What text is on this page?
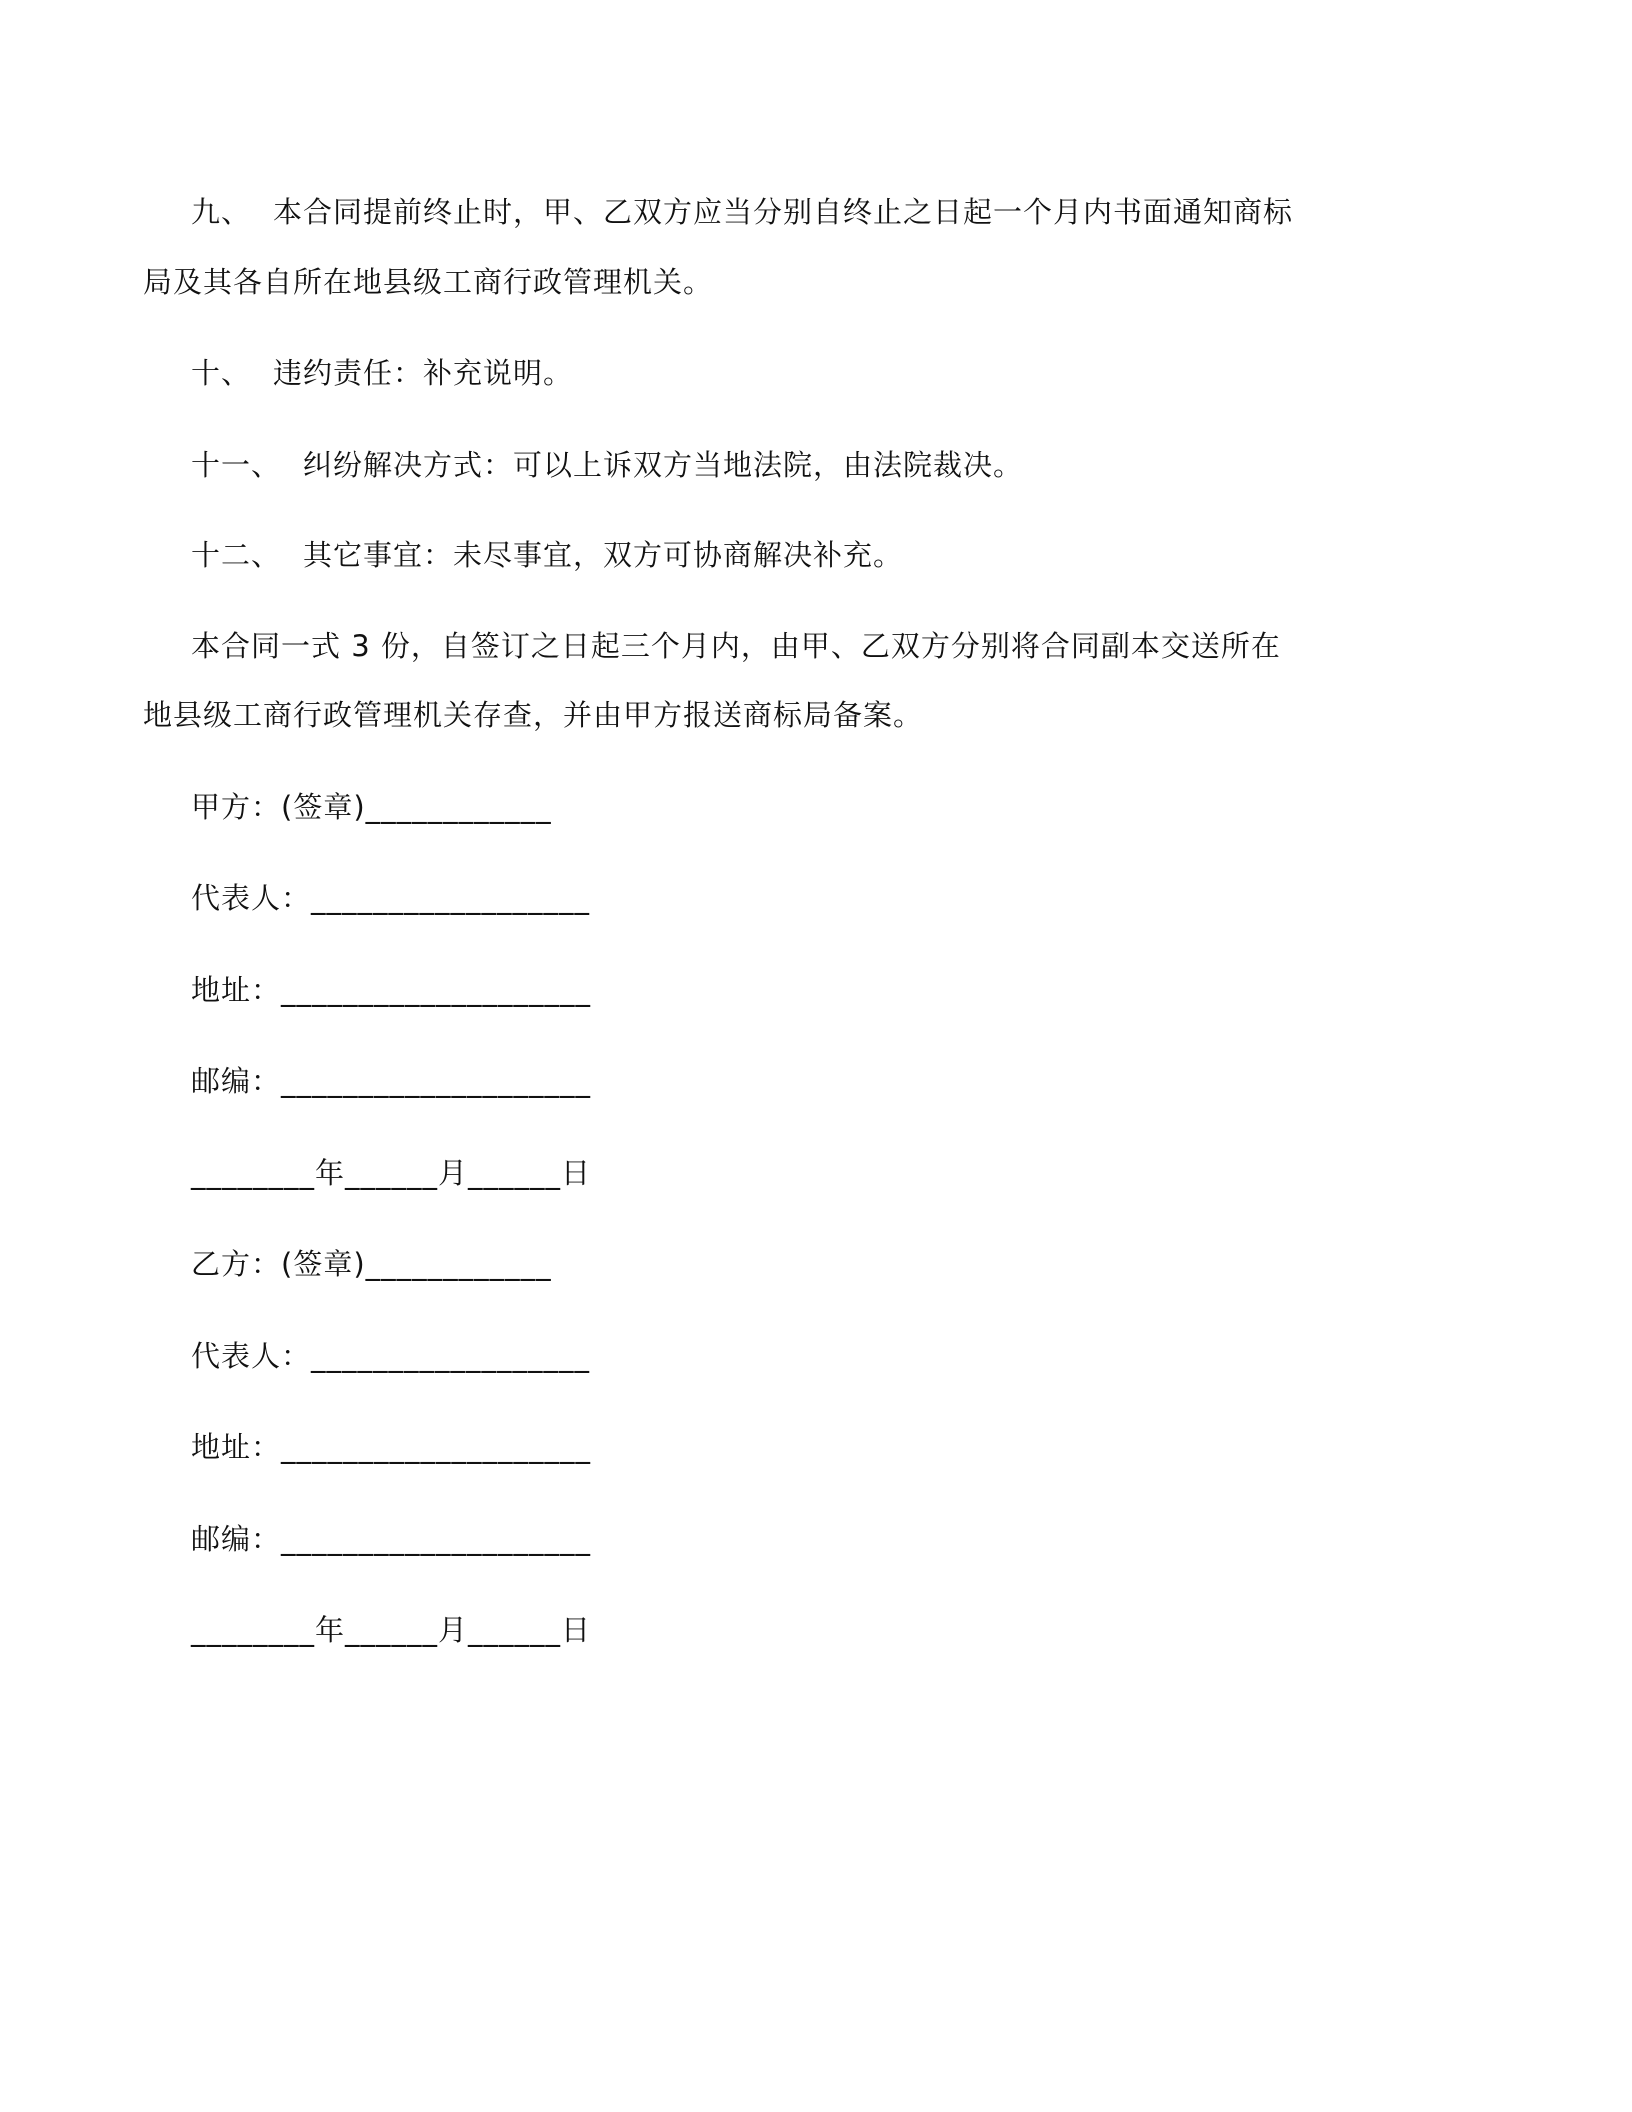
九、 本合同提前终止时，甲、乙双方应当分别自终止之日起一个月内书面通知商标
局及其各自所在地县级工商行政管理机关。
十、 违约责任：补充说明。
十一、 纠纷解决方式：可以上诉双方当地法院，由法院裁决。
十二、 其它事宜：未尽事宜，双方可协商解决补充。
本合同一式 3 份，自签订之日起三个月内，由甲、乙双方分别将合同副本交送所在
地县级工商行政管理机关存查，并由甲方报送商标局备案。
甲方：(签章)____________
代表人：__________________
地址：____________________
邮编：____________________
________年______月______日
乙方：(签章)____________
代表人：__________________
地址：____________________
邮编：____________________
________年______月______日
